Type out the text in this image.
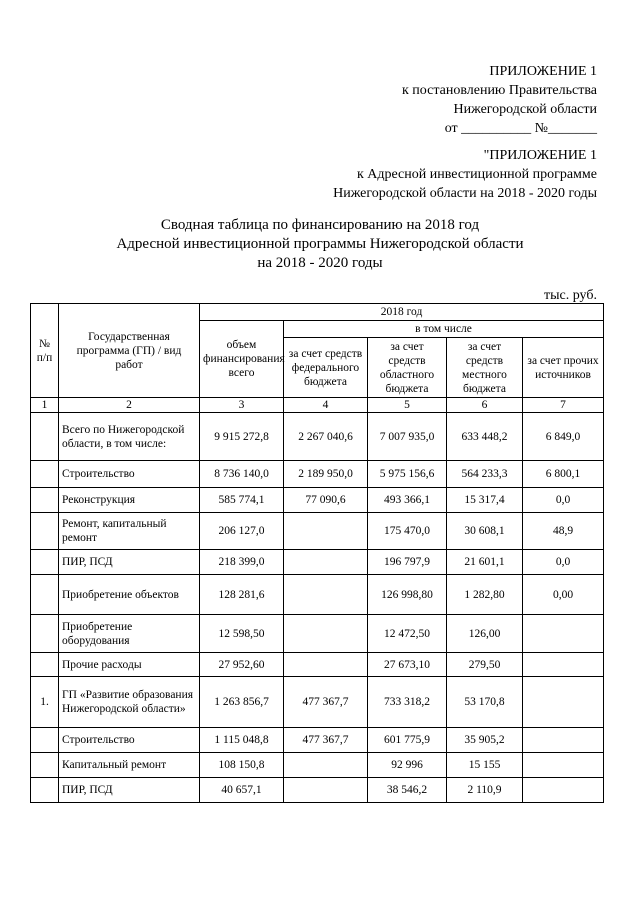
ПРИЛОЖЕНИЕ 1
к постановлению Правительства
Нижегородской области
от __________ №_______
"ПРИЛОЖЕНИЕ 1
к Адресной инвестиционной программе
Нижегородской области на 2018 - 2020 годы
Сводная таблица по финансированию на 2018 год
Адресной инвестиционной программы Нижегородской области
на 2018 - 2020 годы
тыс. руб.
№ п/п	Государственная программа (ГП) / вид работ	2018 год				
		объем финансирования всего	в том числе			
			за счет средств федерального бюджета	за счет средств областного бюджета	за счет средств местного бюджета	за счет прочих источников
1	2	3	4	5	6	7
	Всего по Нижегородской области, в том числе:	9 915 272,8	2 267 040,6	7 007 935,0	633 448,2	6 849,0
	Строительство	8 736 140,0	2 189 950,0	5 975 156,6	564 233,3	6 800,1
	Реконструкция	585 774,1	77 090,6	493 366,1	15 317,4	0,0
	Ремонт, капитальный ремонт	206 127,0		175 470,0	30 608,1	48,9
	ПИР, ПСД	218 399,0		196 797,9	21 601,1	0,0
	Приобретение объектов	128 281,6		126 998,80	1 282,80	0,00
	Приобретение оборудования	12 598,50		12 472,50	126,00	
	Прочие расходы	27 952,60		27 673,10	279,50	
1.	ГП «Развитие образования Нижегородской области»	1 263 856,7	477 367,7	733 318,2	53 170,8	
	Строительство	1 115 048,8	477 367,7	601 775,9	35 905,2	
	Капитальный ремонт	108 150,8		92 996	15 155	
	ПИР, ПСД	40 657,1		38 546,2	2 110,9	
